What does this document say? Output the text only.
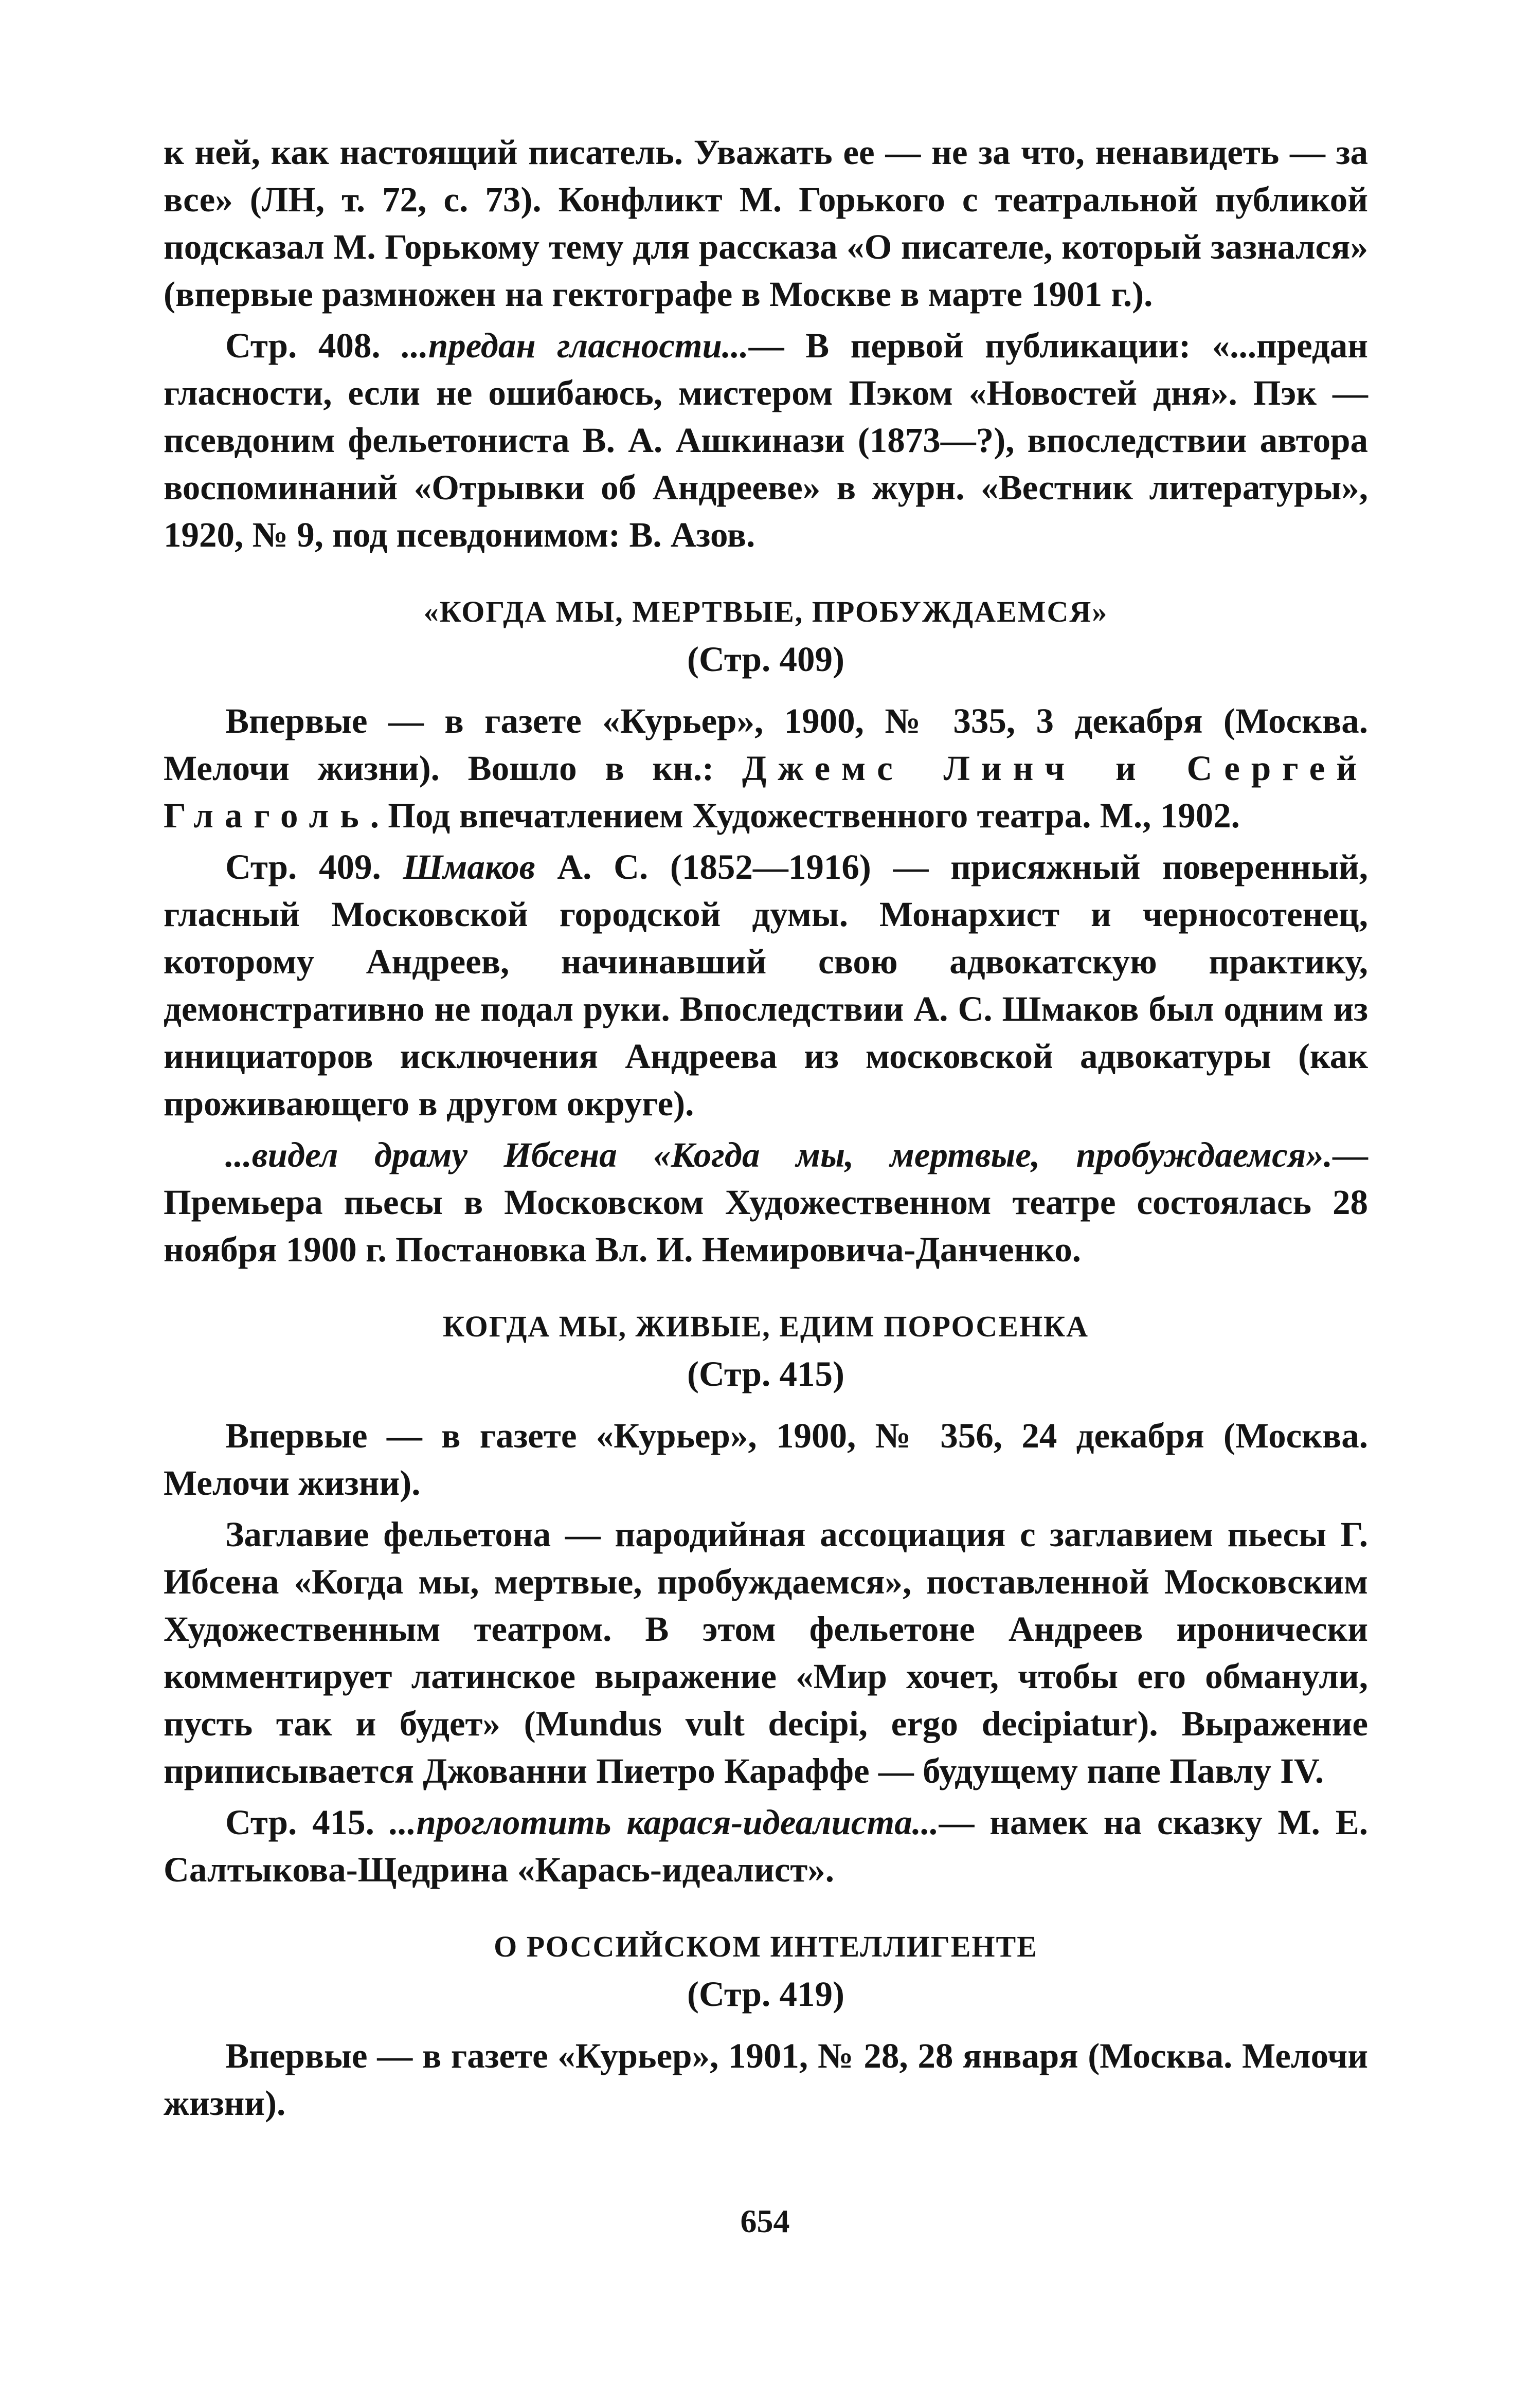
к ней, как настоящий писатель. Уважать ее — не за что, ненавидеть — за все» (ЛН, т. 72, с. 73). Конфликт М. Горького с театральной публикой подсказал М. Горькому тему для рассказа «О писателе, который зазнался» (впервые размножен на гектографе в Москве в марте 1901 г.).

Стр. 408. ...предан гласности...— В первой публикации: «...предан гласности, если не ошибаюсь, мистером Пэком «Новостей дня». Пэк — псевдоним фельетониста В. А. Ашкинази (1873—?), впоследствии автора воспоминаний «Отрывки об Андрееве» в журн. «Вестник литературы», 1920, № 9, под псевдонимом: В. Азов.

«КОГДА МЫ, МЕРТВЫЕ, ПРОБУЖДАЕМСЯ»
(Стр. 409)

Впервые — в газете «Курьер», 1900, № 335, 3 декабря (Москва. Мелочи жизни). Вошло в кн.: Джемс Линч и Сергей Глаголь. Под впечатлением Художественного театра. М., 1902.

Стр. 409. Шмаков А. С. (1852—1916) — присяжный поверенный, гласный Московской городской думы. Монархист и черносотенец, которому Андреев, начинавший свою адвокатскую практику, демонстративно не подал руки. Впоследствии А. С. Шмаков был одним из инициаторов исключения Андреева из московской адвокатуры (как проживающего в другом округе).

...видел драму Ибсена «Когда мы, мертвые, пробуждаемся».— Премьера пьесы в Московском Художественном театре состоялась 28 ноября 1900 г. Постановка Вл. И. Немировича-Данченко.

КОГДА МЫ, ЖИВЫЕ, ЕДИМ ПОРОСЕНКА
(Стр. 415)

Впервые — в газете «Курьер», 1900, № 356, 24 декабря (Москва. Мелочи жизни).

Заглавие фельетона — пародийная ассоциация с заглавием пьесы Г. Ибсена «Когда мы, мертвые, пробуждаемся», поставленной Московским Художественным театром. В этом фельетоне Андреев иронически комментирует латинское выражение «Мир хочет, чтобы его обманули, пусть так и будет» (Mundus vult decipi, ergo decipiatur). Выражение приписывается Джованни Пиетро Караффе — будущему папе Павлу IV.

Стр. 415. ...проглотить карася-идеалиста...— намек на сказку М. Е. Салтыкова-Щедрина «Карась-идеалист».

О РОССИЙСКОМ ИНТЕЛЛИГЕНТЕ
(Стр. 419)

Впервые — в газете «Курьер», 1901, № 28, 28 января (Москва. Мелочи жизни).

654
